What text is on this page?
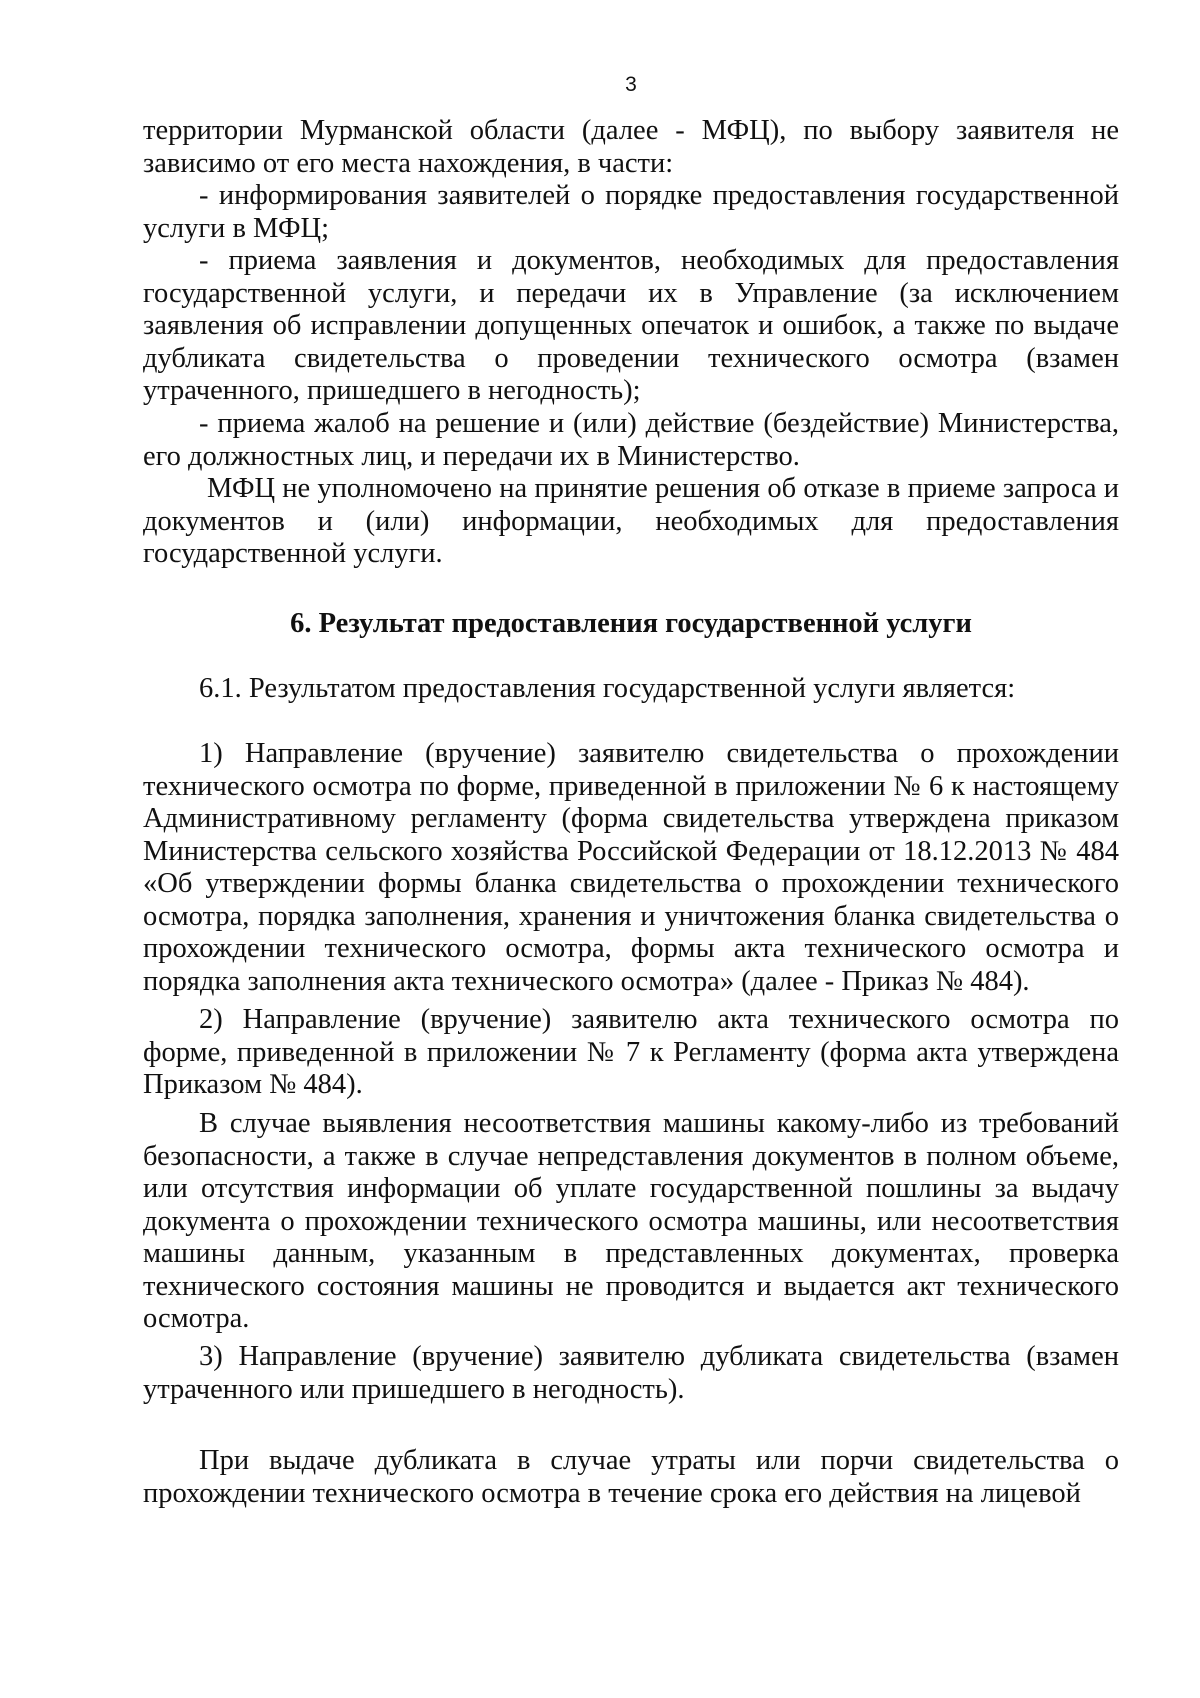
3

территории Мурманской области (далее - МФЦ), по выбору заявителя не зависимо от его места нахождения, в части:

- информирования заявителей о порядке предоставления государственной услуги в МФЦ;

- приема заявления и документов, необходимых для предоставления государственной услуги, и передачи их в Управление (за исключением заявления об исправлении допущенных опечаток и ошибок, а также по выдаче дубликата свидетельства о проведении технического осмотра (взамен утраченного, пришедшего в негодность);

- приема жалоб на решение и (или) действие (бездействие) Министерства, его должностных лиц, и передачи их в Министерство.

МФЦ не уполномочено на принятие решения об отказе в приеме запроса и документов и (или) информации, необходимых для предоставления государственной услуги.

6. Результат предоставления государственной услуги

6.1. Результатом предоставления государственной услуги является:

1) Направление (вручение) заявителю свидетельства о прохождении технического осмотра по форме, приведенной в приложении № 6 к настоящему Административному регламенту (форма свидетельства утверждена приказом Министерства сельского хозяйства Российской Федерации от 18.12.2013 № 484 «Об утверждении формы бланка свидетельства о прохождении технического осмотра, порядка заполнения, хранения и уничтожения бланка свидетельства о прохождении технического осмотра, формы акта технического осмотра и порядка заполнения акта технического осмотра» (далее - Приказ № 484).

2) Направление (вручение) заявителю акта технического осмотра по форме, приведенной в приложении № 7 к Регламенту (форма акта утверждена Приказом № 484).

В случае выявления несоответствия машины какому-либо из требований безопасности, а также в случае непредставления документов в полном объеме, или отсутствия информации об уплате государственной пошлины за выдачу документа о прохождении технического осмотра машины, или несоответствия машины данным, указанным в представленных документах, проверка технического состояния машины не проводится и выдается акт технического осмотра.

3) Направление (вручение) заявителю дубликата свидетельства (взамен утраченного или пришедшего в негодность).

При выдаче дубликата в случае утраты или порчи свидетельства о прохождении технического осмотра в течение срока его действия на лицевой
